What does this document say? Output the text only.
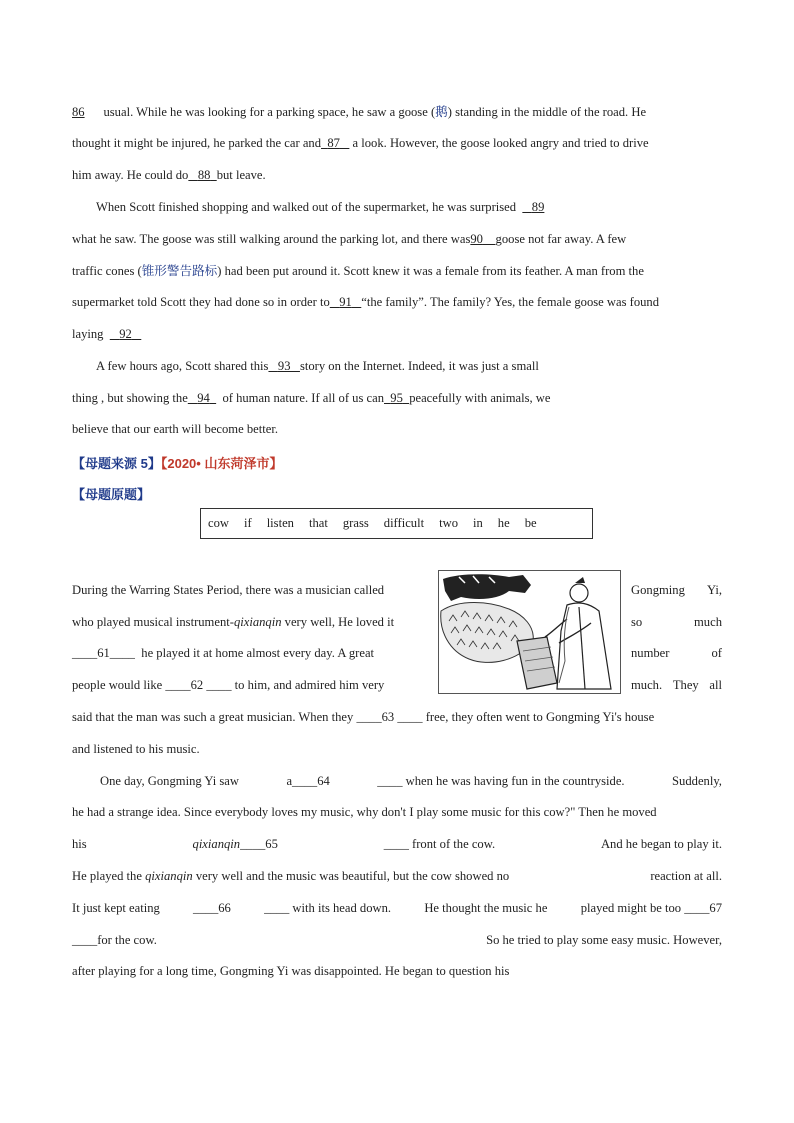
86 usual. While he was looking for a parking space, he saw a goose (鹅) standing in the middle of the road. He
thought it might be injured, he parked the car and 87 a look. However, the goose looked angry and tried to drive
him away. He could do 88 but leave.
When Scott finished shopping and walked out of the supermarket, he was surprised 89
what he saw. The goose was still walking around the parking lot, and there was90 goose not far away. A few
traffic cones (锥形警告路标) had been put around it. Scott knew it was a female from its feather. A man from the
supermarket told Scott they had done so in order to 91 “the family”. The family? Yes, the female goose was found
laying 92
A few hours ago, Scott shared this 93 story on the Internet. Indeed, it was just a small
thing , but showing the 94 of human nature. If all of us can 95 peacefully with animals, we
believe that our earth will become better.
【母题来源 5】【2020• 山东菏泽市】
【母题原题】
cow if listen that grass difficult two in he be
During the Warring States Period, there was a musician called	Gongming Yi,
who played musical instrument-qixianqin very well, He loved it	so	much
____61____  he played it at home almost every day. A great	number	of
people would like ____62 ____ to him, and admired him very	much. They all
said that the man was such a great musician. When they ____63 ____ free, they often went to Gongming Yi's house
and listened to his music.
One day, Gongming Yi saw	a____64	____ when he was having fun in the countryside.	Suddenly,
he had a strange idea. Since everybody loves my music, why don't I play some music for this cow?" Then he moved
his	qixianqin____65	____ front of the cow.	And he began to play it.
He played the qixianqin very well and the music was beautiful, but the cow showed no	reaction at all.
It just kept eating	____66	____ with its head down.	He thought the music he	played might be too ____67
____for the cow.	So he tried to play some easy music. However,
after playing for a long time, Gongming Yi was disappointed. He began to question his
